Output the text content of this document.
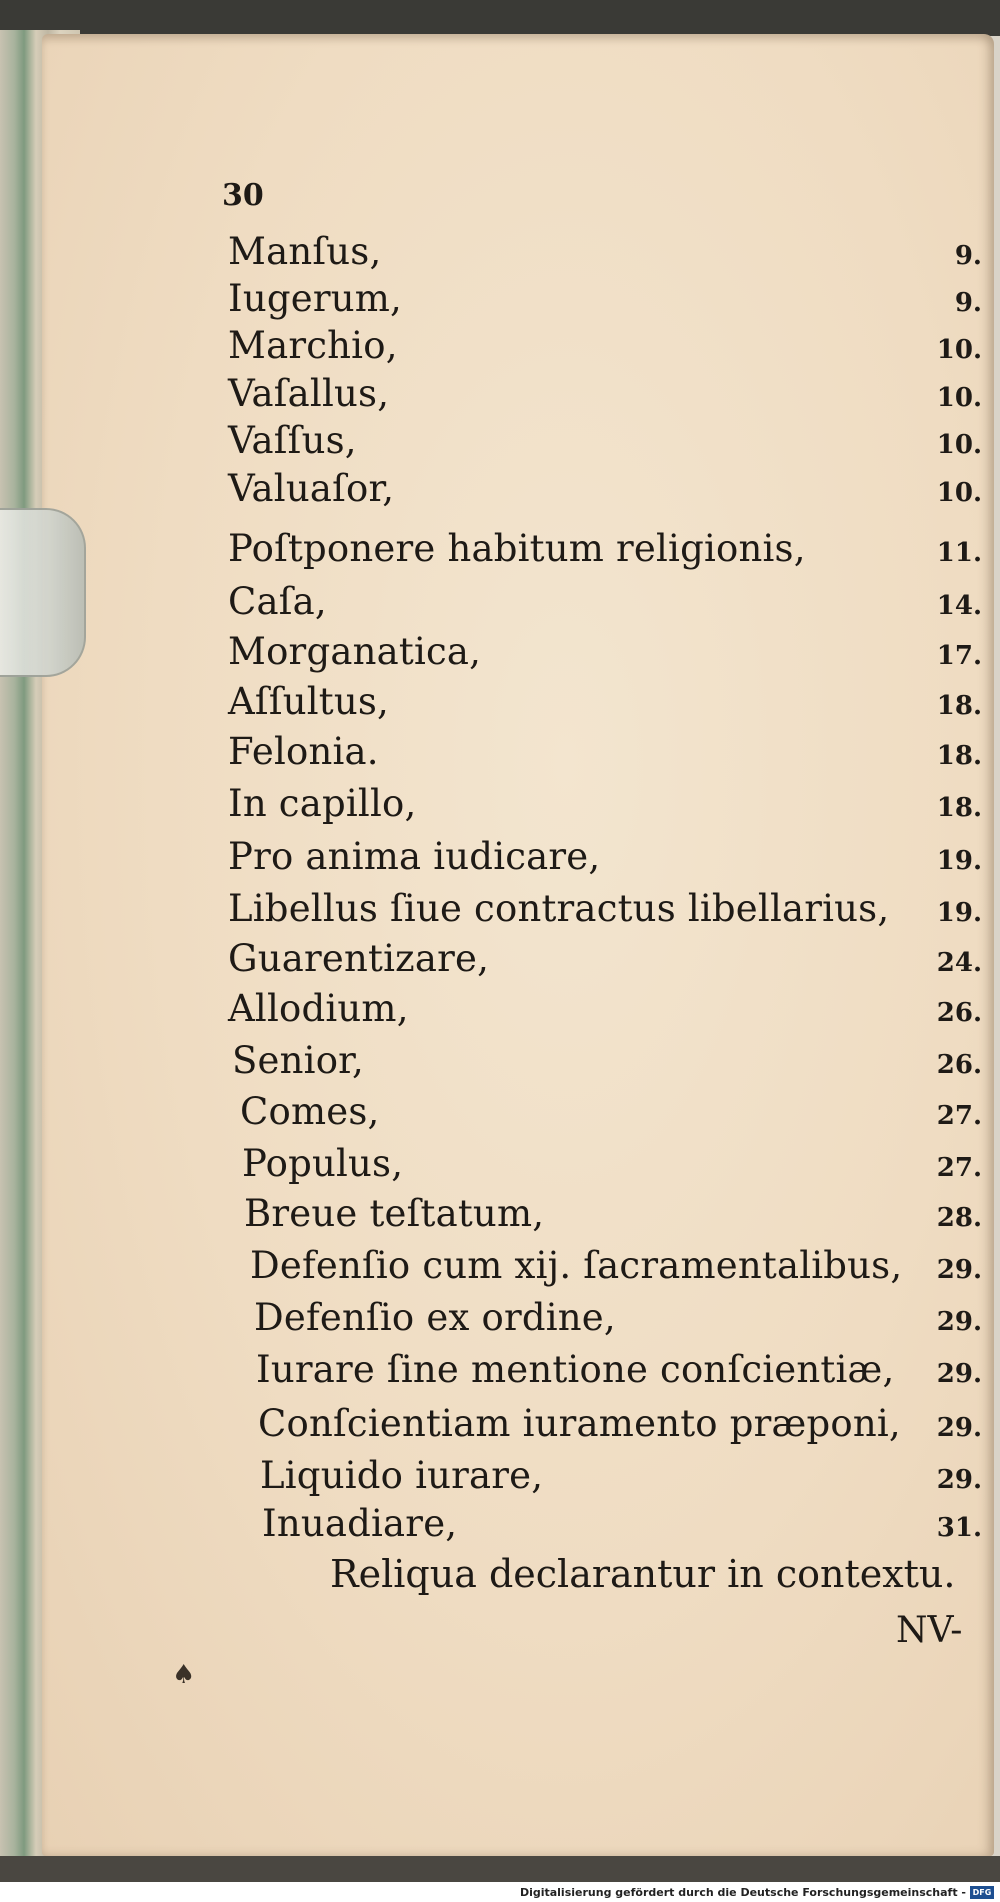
30
Manſus,	9.
Iugerum,	9.
Marchio,	10.
Vaſallus,	10.
Vaſſus,	10.
Valuaſor,	10.
Poſtponere habitum religionis,	11.
Caſa,	14.
Morganatica,	17.
Aſſultus,	18.
Felonia.	18.
In capillo,	18.
Pro anima iudicare,	19.
Libellus ſiue contractus libellarius,	19.
Guarentizare,	24.
Allodium,	26.
Senior,	26.
Comes,	27.
Populus,	27.
Breue teſtatum,	28.
Defenſio cum xij. ſacramentalibus,	29.
Defenſio ex ordine,	29.
Iurare ſine mentione conſcientiæ,	29.
Conſcientiam iuramento præponi,	29.
Liquido iurare,	29.
Inuadiare,	31.
Reliqua declarantur in contextu.
NV-
♠
Digitalisierung gefördert durch die Deutsche Forschungsgemeinschaft - DFG
